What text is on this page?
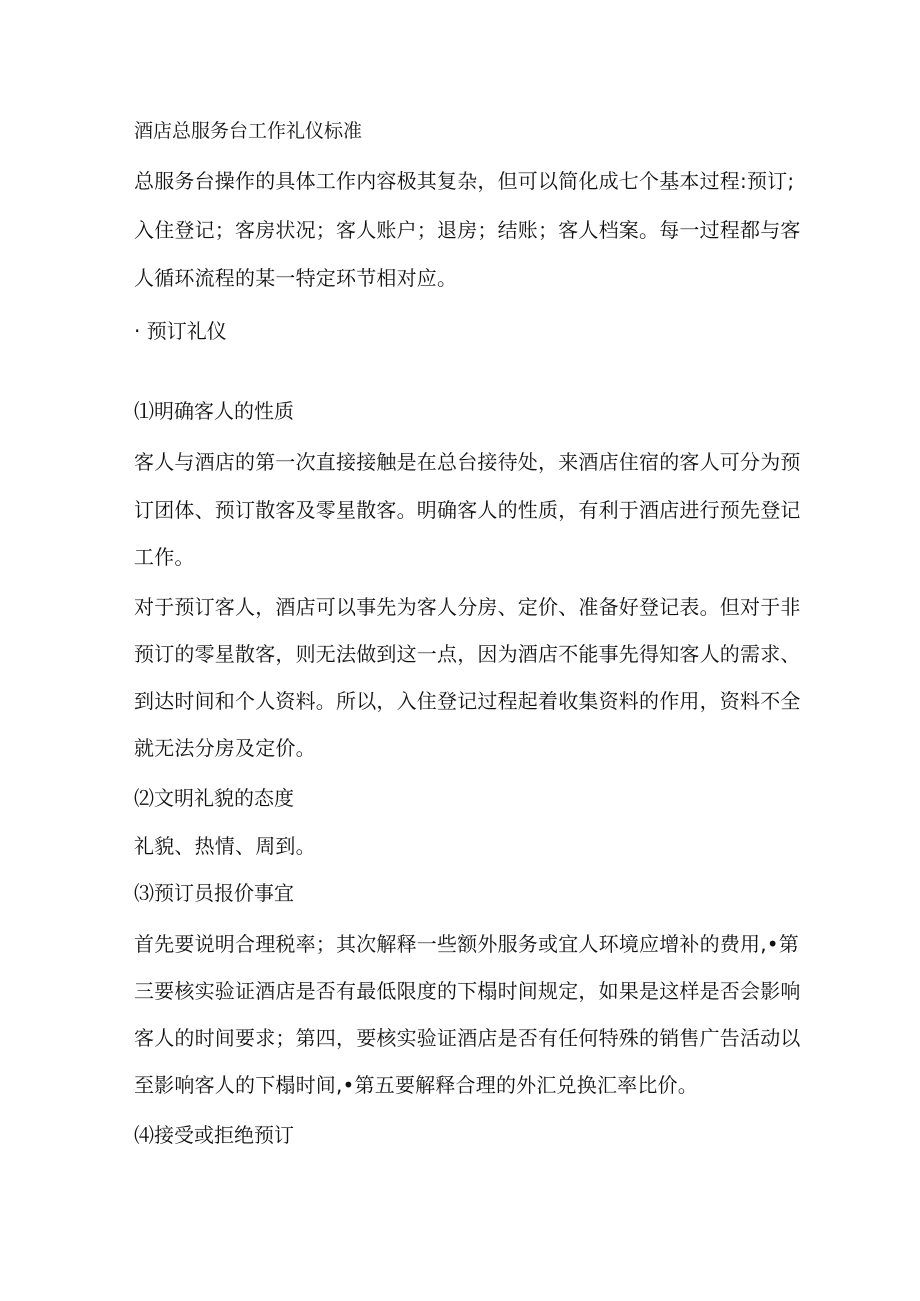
酒店总服务台工作礼仪标准
总服务台操作的具体工作内容极其复杂，但可以简化成七个基本过程:预订;
入住登记；客房状况；客人账户；退房；结账；客人档案。每一过程都与客
人循环流程的某一特定环节相对应。
· 预订礼仪
⑴明确客人的性质
客人与酒店的第一次直接接触是在总台接待处，来酒店住宿的客人可分为预
订团体、预订散客及零星散客。明确客人的性质，有利于酒店进行预先登记
工作。
对于预订客人，酒店可以事先为客人分房、定价、准备好登记表。但对于非
预订的零星散客，则无法做到这一点，因为酒店不能事先得知客人的需求、
到达时间和个人资料。所以，入住登记过程起着收集资料的作用，资料不全
就无法分房及定价。
⑵文明礼貌的态度
礼貌、热情、周到。
⑶预订员报价事宜
首先要说明合理税率；其次解释一些额外服务或宜人环境应增补的费用,•第
三要核实验证酒店是否有最低限度的下榻时间规定，如果是这样是否会影响
客人的时间要求；第四，要核实验证酒店是否有任何特殊的销售广告活动以
至影响客人的下榻时间,•第五要解释合理的外汇兑换汇率比价。
⑷接受或拒绝预订
